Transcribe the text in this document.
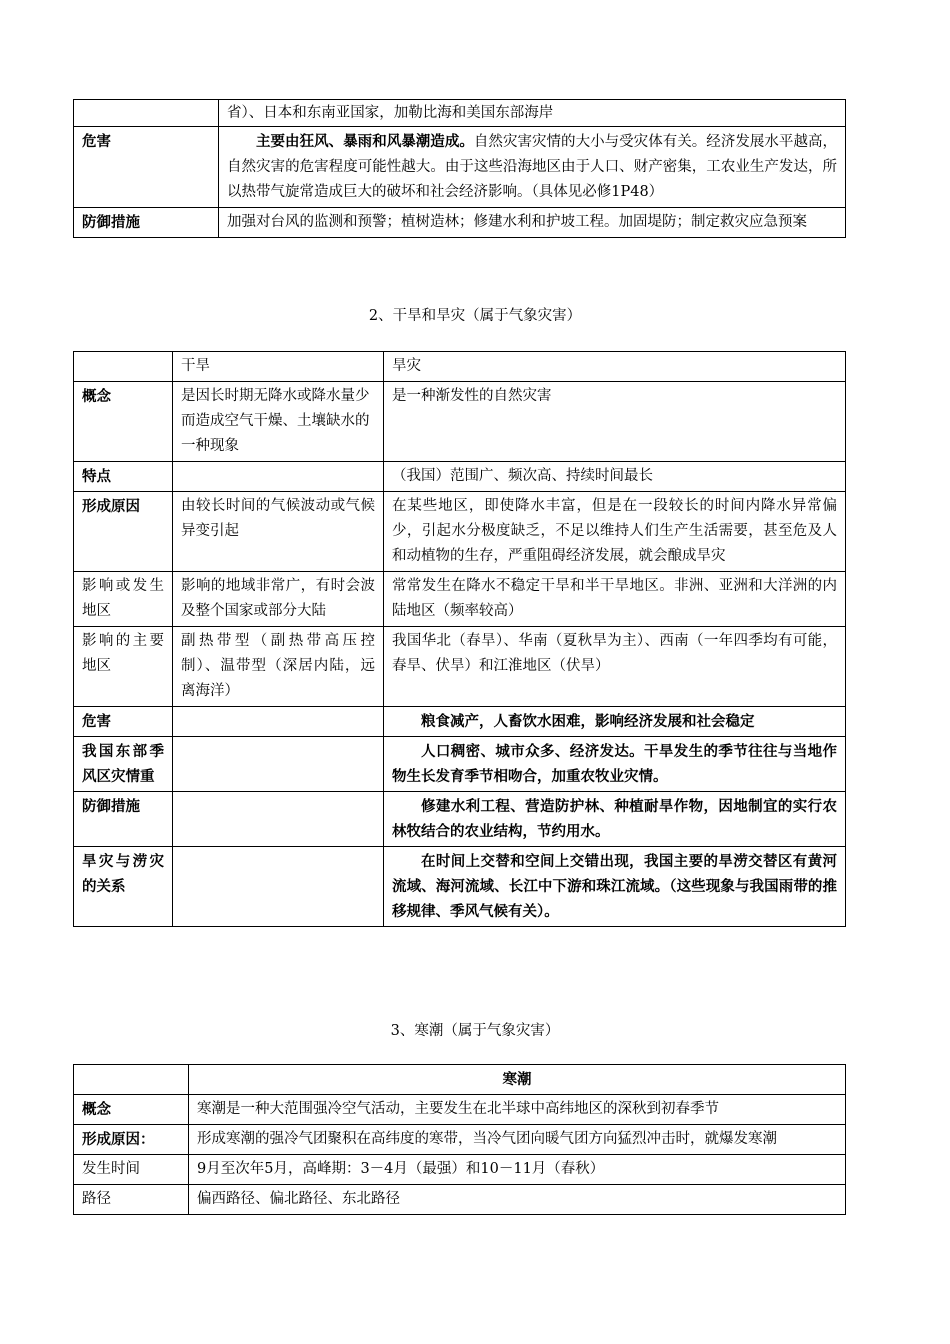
	省）、日本和东南亚国家，加勒比海和美国东部海岸
危害	主要由狂风、暴雨和风暴潮造成。自然灾害灾情的大小与受灾体有关。经济发展水平越高，自然灾害的危害程度可能性越大。由于这些沿海地区由于人口、财产密集，工农业生产发达，所以热带气旋常造成巨大的破坏和社会经济影响。（具体见必修1P48）
防御措施	加强对台风的监测和预警；植树造林；修建水利和护坡工程。加固堤防；制定救灾应急预案
2、干旱和旱灾（属于气象灾害）
	干旱	旱灾
概念	是因长时期无降水或降水量少而造成空气干燥、土壤缺水的一种现象	是一种渐发性的自然灾害
特点		（我国）范围广、频次高、持续时间最长
形成原因	由较长时间的气候波动或气候异变引起	在某些地区，即使降水丰富，但是在一段较长的时间内降水异常偏少，引起水分极度缺乏，不足以维持人们生产生活需要，甚至危及人和动植物的生存，严重阻碍经济发展，就会酿成旱灾
影响或发生地区	影响的地域非常广，有时会波及整个国家或部分大陆	常常发生在降水不稳定干旱和半干旱地区。非洲、亚洲和大洋洲的内陆地区（频率较高）
影响的主要地区	副热带型（副热带高压控制）、温带型（深居内陆，远离海洋）	我国华北（春旱）、华南（夏秋旱为主）、西南（一年四季均有可能，春旱、伏旱）和江淮地区（伏旱）
危害		粮食减产，人畜饮水困难，影响经济发展和社会稳定
我国东部季风区灾情重		人口稠密、城市众多、经济发达。干旱发生的季节往往与当地作物生长发育季节相吻合，加重农牧业灾情。
防御措施		修建水利工程、营造防护林、种植耐旱作物，因地制宜的实行农林牧结合的农业结构，节约用水。
旱灾与涝灾的关系		在时间上交替和空间上交错出现，我国主要的旱涝交替区有黄河流域、海河流域、长江中下游和珠江流域。（这些现象与我国雨带的推移规律、季风气候有关）。
3、寒潮（属于气象灾害）
	寒潮
概念	寒潮是一种大范围强冷空气活动，主要发生在北半球中高纬地区的深秋到初春季节
形成原因：	形成寒潮的强冷气团聚积在高纬度的寒带，当冷气团向暖气团方向猛烈冲击时，就爆发寒潮
发生时间	9月至次年5月，高峰期：3－4月（最强）和10－11月（春秋）
路径	偏西路径、偏北路径、东北路径
